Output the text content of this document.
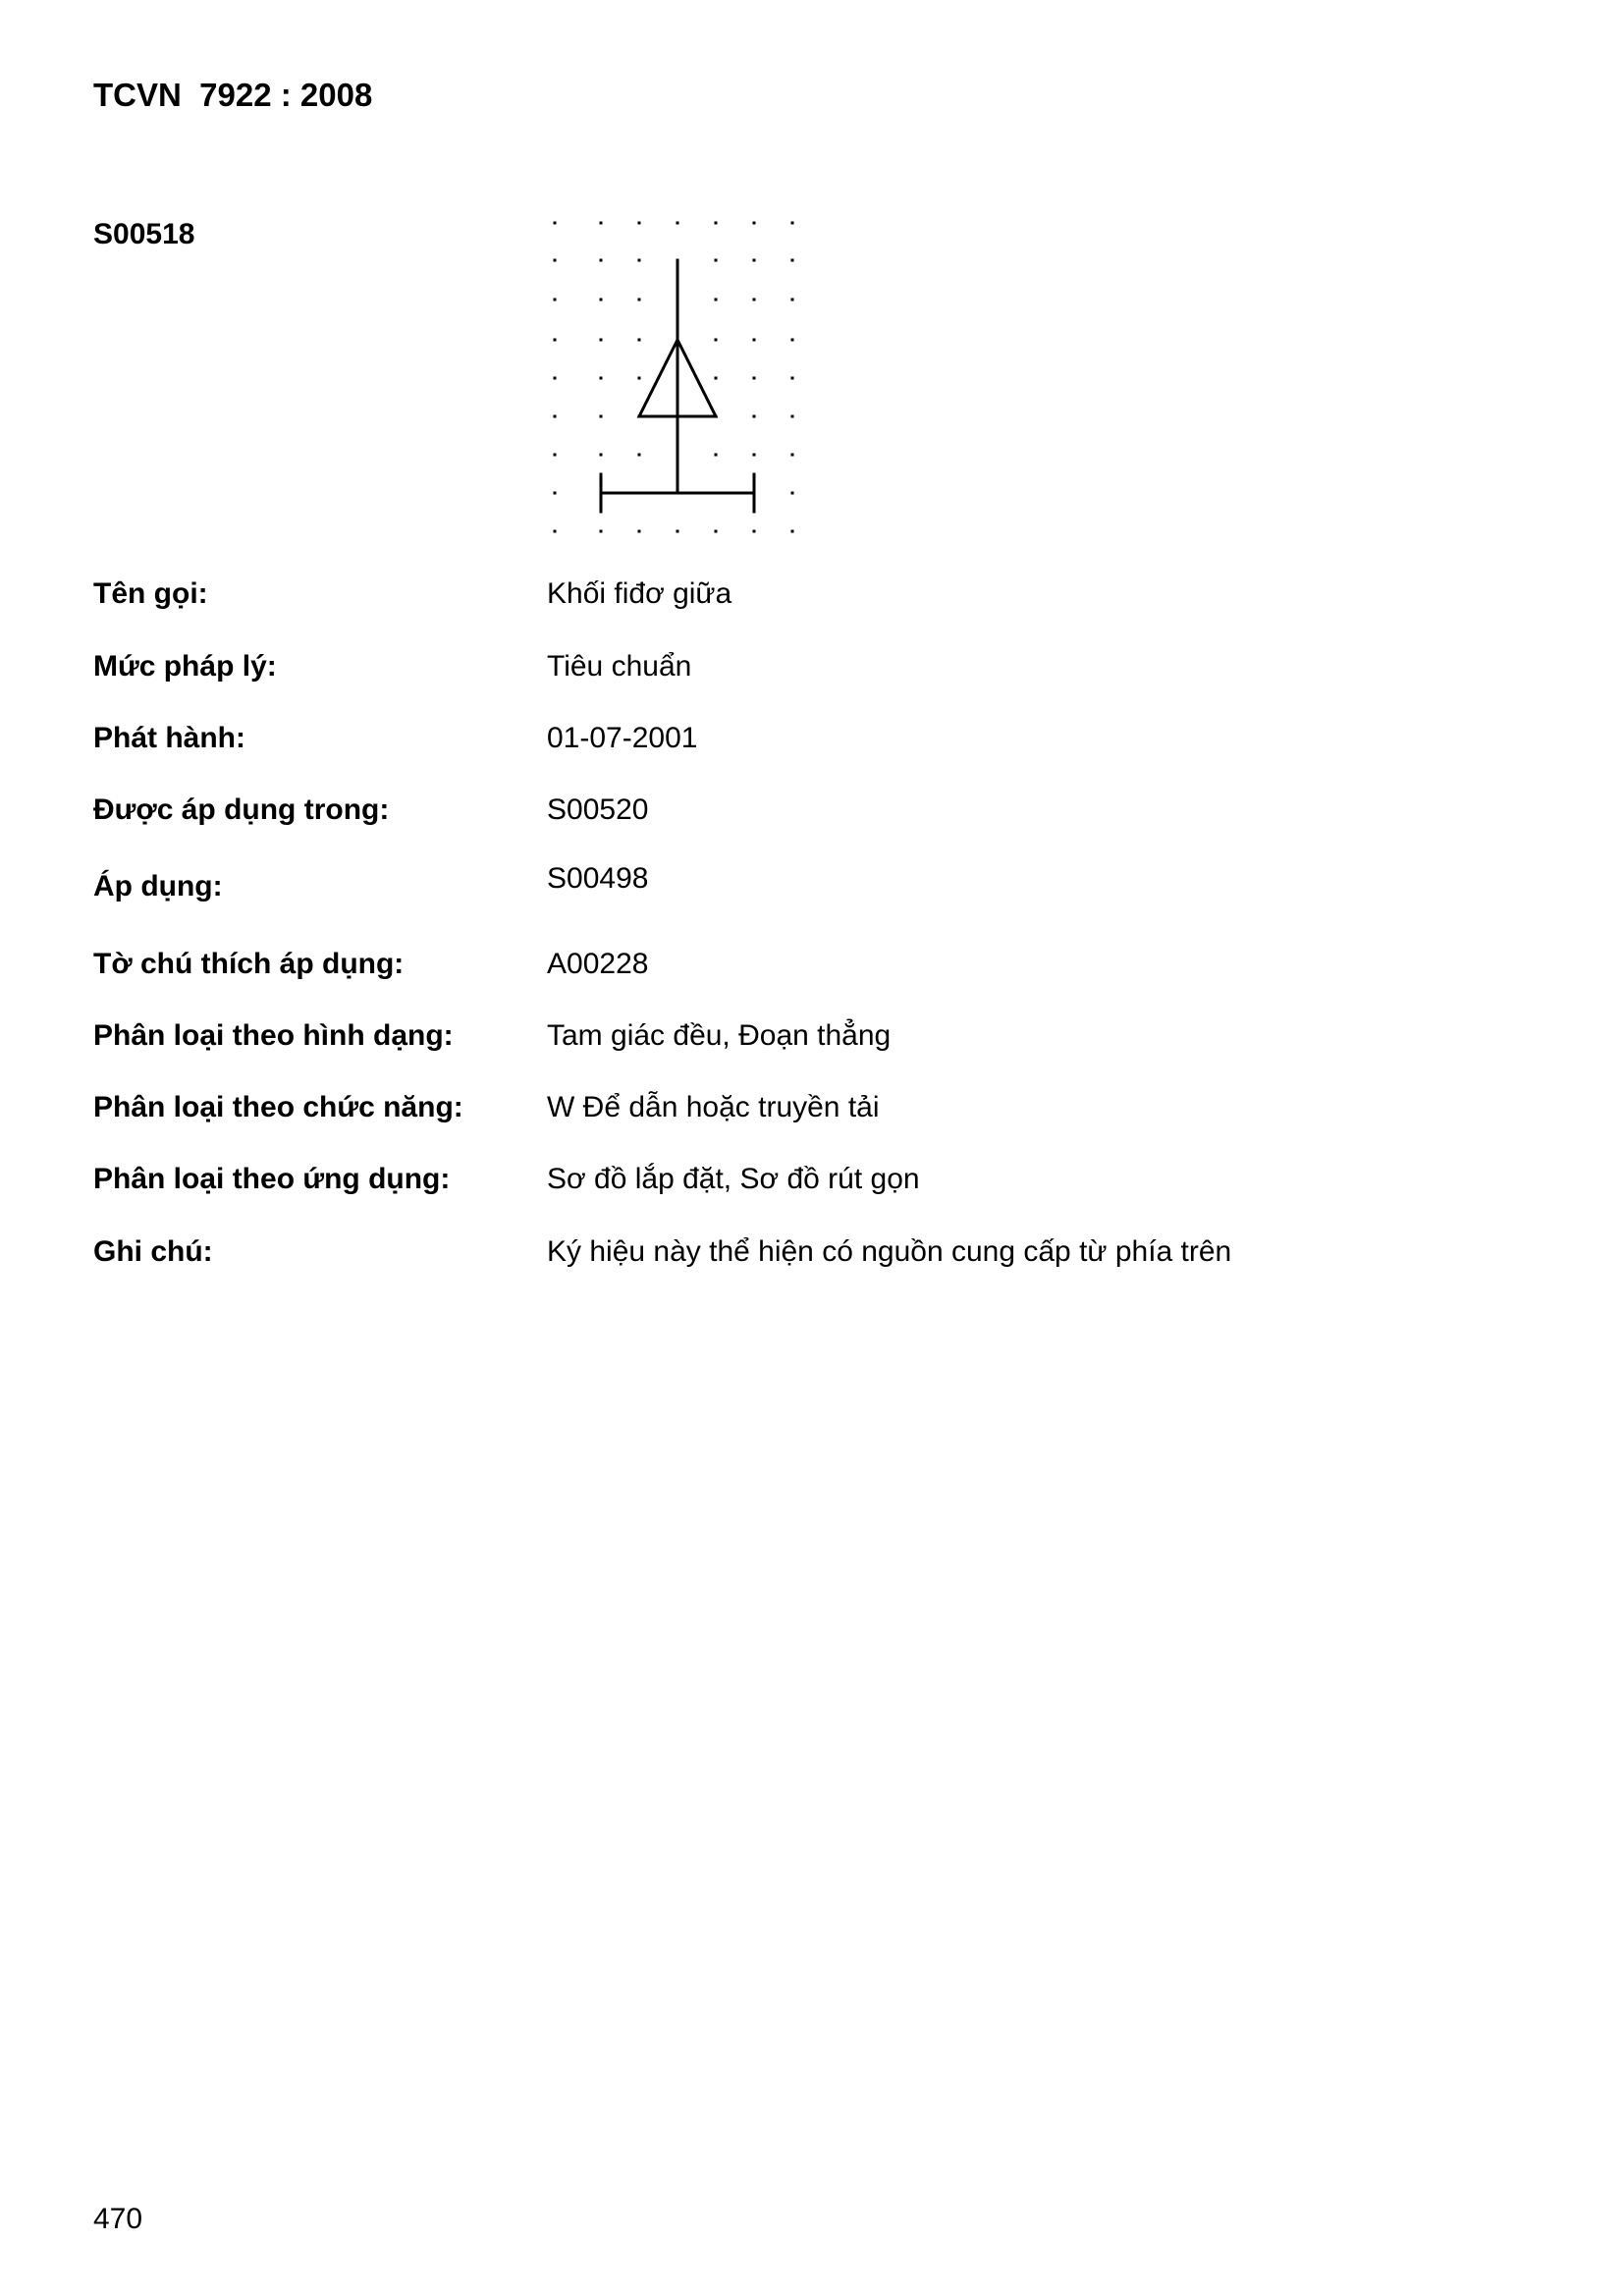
TCVN  7922 : 2008
S00518
Tên gọi:	Khối fiđơ giữa
Mức pháp lý:	Tiêu chuẩn
Phát hành:	01-07-2001
Được áp dụng trong:	S00520
Áp dụng:	S00498
Tờ chú thích áp dụng:	A00228
Phân loại theo hình dạng:	Tam giác đều, Đoạn thẳng
Phân loại theo chức năng:	W Để dẫn hoặc truyền tải
Phân loại theo ứng dụng:	Sơ đồ lắp đặt, Sơ đồ rút gọn
Ghi chú:	Ký hiệu này thể hiện có nguồn cung cấp từ phía trên
470
